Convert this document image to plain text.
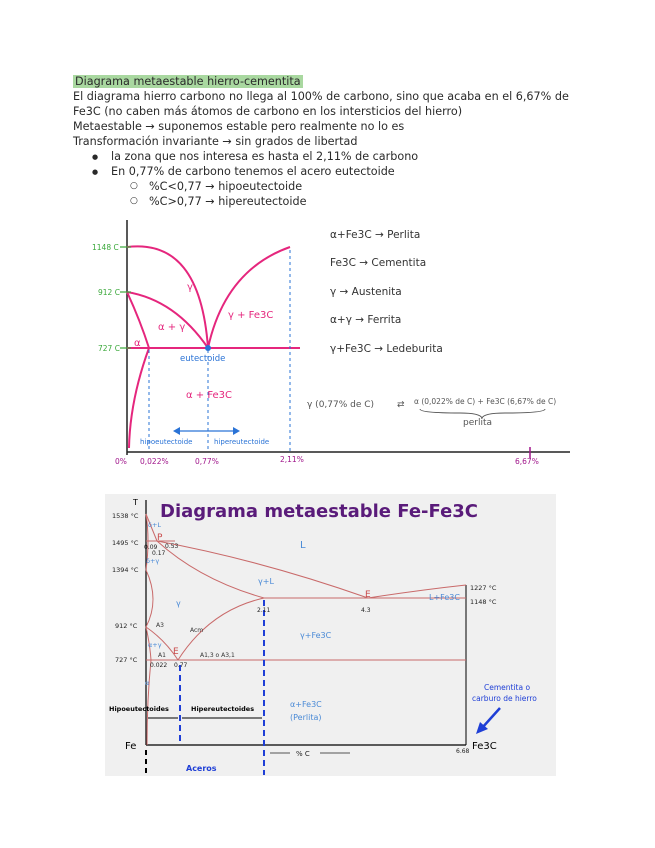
Diagrama metaestable hierro-cementita
El diagrama hierro carbono no llega al 100% de carbono, sino que acaba en el 6,67% de
Fe3C (no caben más átomos de carbono en los intersticios del hierro)
Metaestable → suponemos estable pero realmente no lo es
Transformación invariante → sin grados de libertad
● la zona que nos interesa es hasta el 2,11% de carbono
● En 0,77% de carbono tenemos el acero eutectoide
○ %C<0,77 → hipoeutectoide
○ %C>0,77 → hipereutectoide
1148 C
912 C
727 C
0% 0,022%	0,77%	2,11%	6,67%
γ
α + γ
γ + Fe3C
α
α + Fe3C
eutectoide
hipoeutectoide	hipereutectoide
α+Fe3C → Perlita
Fe3C → Cementita
γ → Austenita
α+γ → Ferrita
γ+Fe3C → Ledeburita
γ (0,77% de C)	⇄ α (0,022% de C) + Fe3C (6,67% de C)
perlita
Diagrama metaestable Fe-Fe3C
T
1538 °C
1495 °C
1394 °C
912 °C
727 °C
1227 °C
1148 °C
0.09 0.53
0.17
2.11	4.3
0.022 0.77
6.68
P
E
E
L
γ+L
γ
L+Fe3C
γ+Fe3C
α+Fe3C
(Perlita)
δ+L
δ+γ
α+γ
α
A3
A1
Acm
A1,3 o A3,1
Hipoeutectoides	Hipereutectoides
Cementita o
carburo de hierro
Fe	Fe3C
% C
Aceros
